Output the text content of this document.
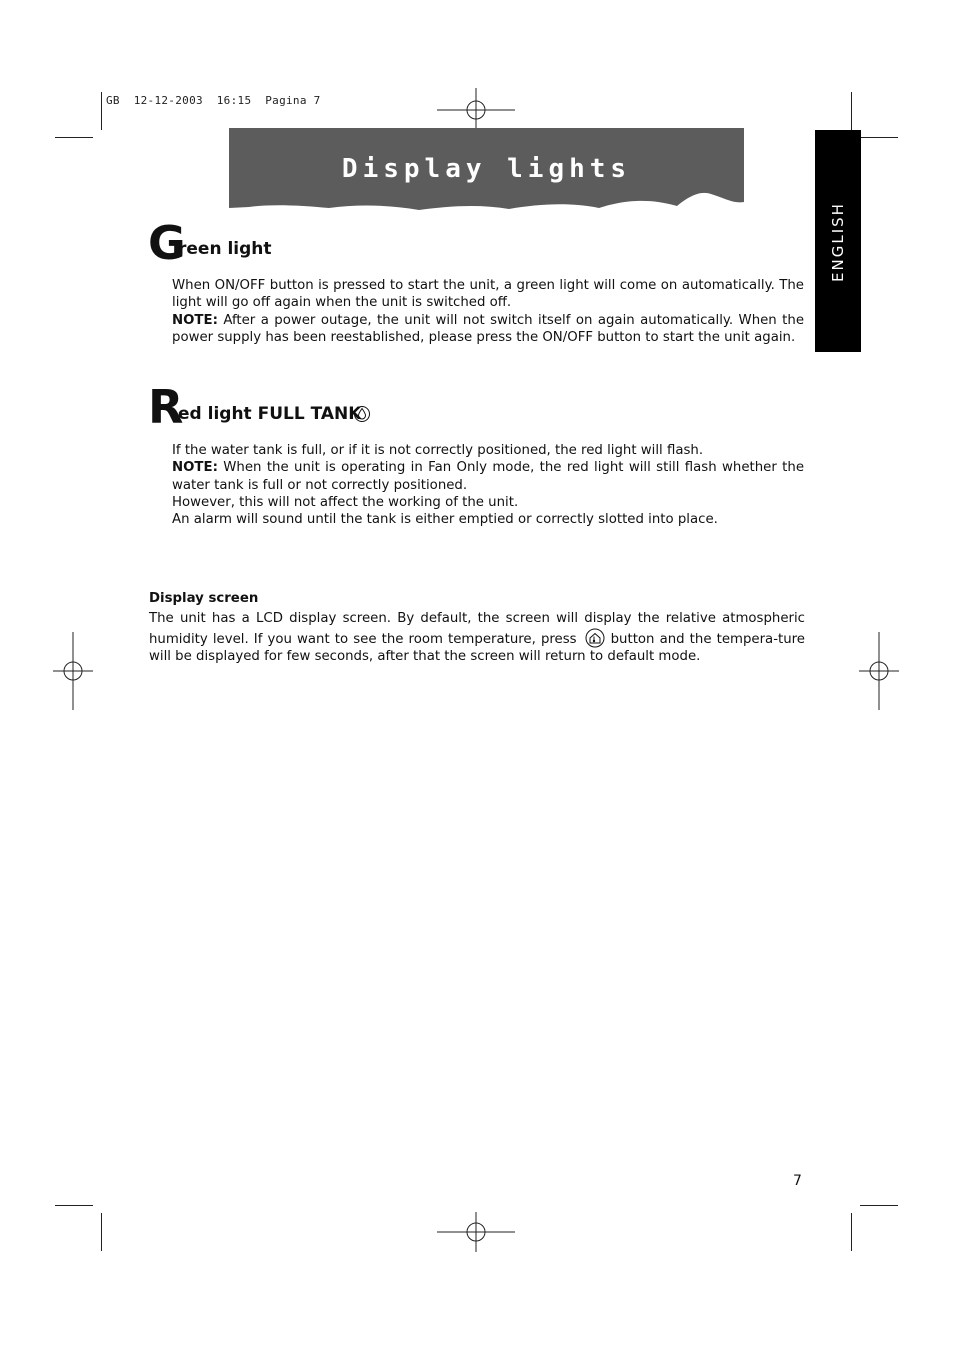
GB  12-12-2003  16:15  Pagina 7
Display lights
ENGLISH
G
reen light

When ON/OFF button is pressed to start the unit, a green light will come on automatically. The light will go off again when the unit is switched off.

NOTE: After a power outage, the unit will not switch itself on again automatically. When the power supply has been reestablished, please press the ON/OFF button to start the unit again.

R
ed light FULL TANK

If the water tank is full, or if it is not correctly positioned, the red light will flash.

NOTE: When the unit is operating in Fan Only mode, the red light will still flash whether the water tank is full or not correctly positioned.

However, this will not affect the working of the unit.

An alarm will sound until the tank is either emptied or correctly slotted into place.

Display screen
The unit has a LCD display screen. By default, the screen will display the relative atmospheric humidity level. If you want to see the room temperature, press	button and the tempera-ture will be displayed for few seconds, after that the screen will return to default mode.
7
